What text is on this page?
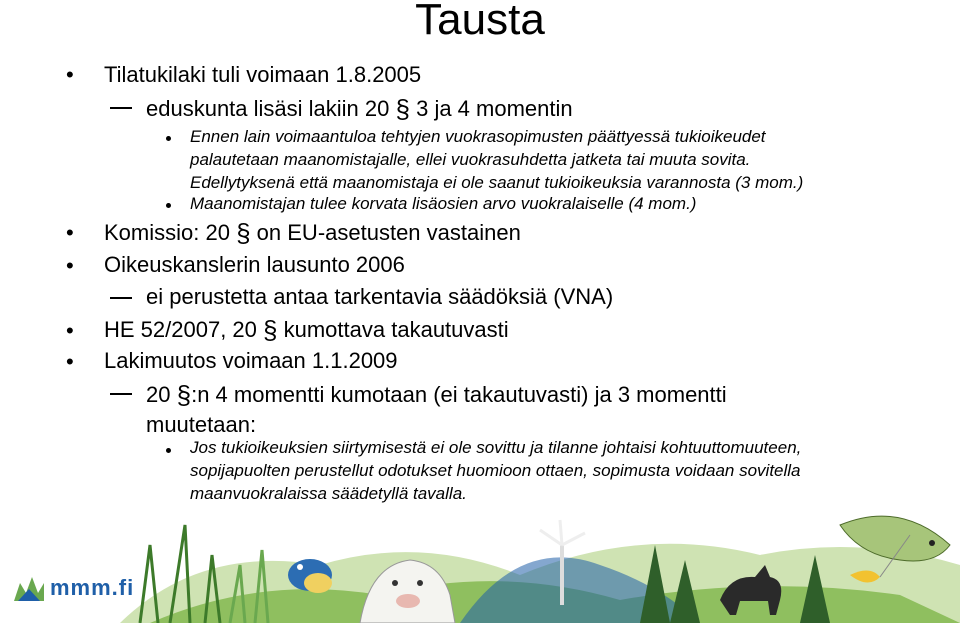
Tausta
• Tilatukilaki tuli voimaan 1.8.2005
eduskunta lisäsi lakiin 20 § 3 ja 4 momentin
Ennen lain voimaantuloa tehtyjen vuokrasopimusten päättyessä tukioikeudet
palautetaan maanomistajalle, ellei vuokrasuhdetta jatketa tai muuta sovita.
Edellytyksenä että maanomistaja ei ole saanut tukioikeuksia varannosta (3 mom.)
Maanomistajan tulee korvata lisäosien arvo vuokralaiselle (4 mom.)
• Komissio: 20 § on EU-asetusten vastainen
• Oikeuskanslerin lausunto 2006
ei perustetta antaa tarkentavia säädöksiä (VNA)
• HE 52/2007, 20 § kumottava takautuvasti
• Lakimuutos voimaan 1.1.2009
20 §:n 4 momentti kumotaan (ei takautuvasti) ja 3 momentti
muutetaan:
Jos tukioikeuksien siirtymisestä ei ole sovittu ja tilanne johtaisi kohtuuttomuuteen,
sopijapuolten perustellut odotukset huomioon ottaen, sopimusta voidaan sovitella
maanvuokralaissa säädetyllä tavalla.
mmm.fi
